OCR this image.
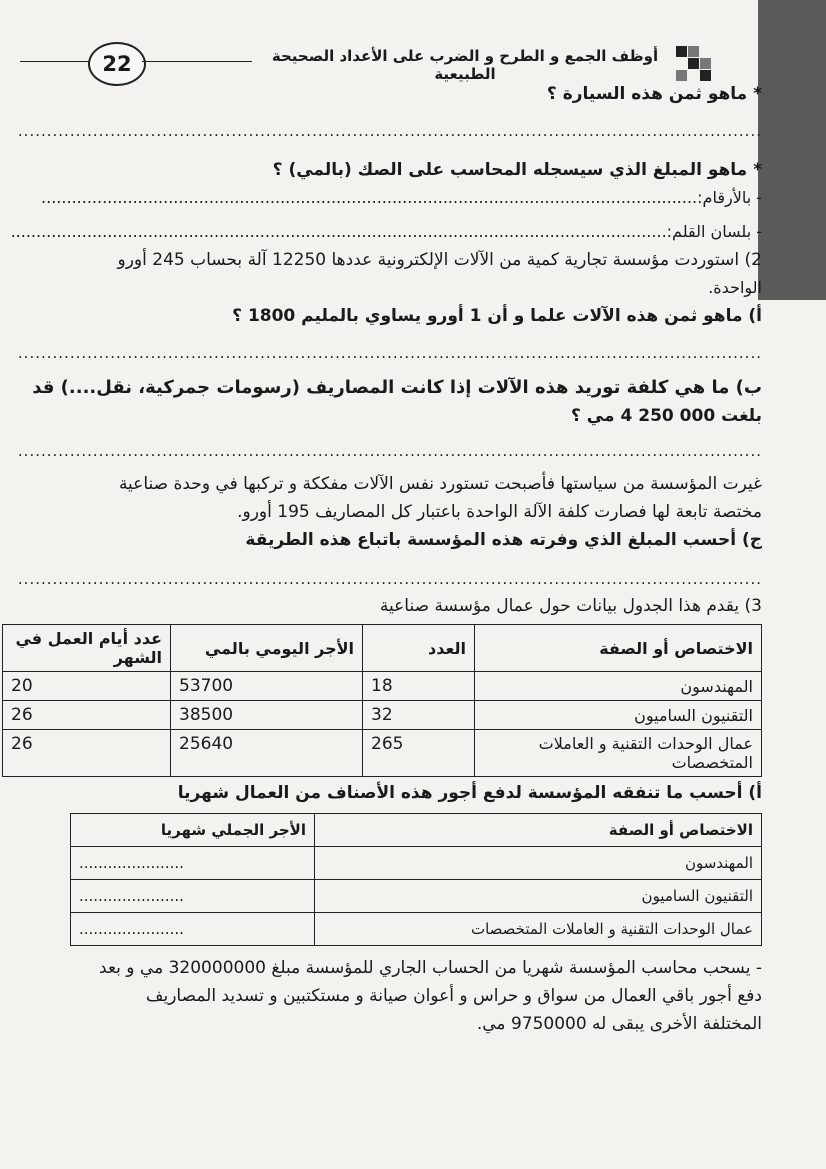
22	أوظف الجمع و الطرح و الضرب على الأعداد الصحيحة الطبيعية

* ماهو ثمن هذه السيارة ؟

.................................................................................................................................

* ماهو المبلغ الذي سيسجله المحاسب على الصك (بالمي) ؟

- بالأرقام:.................................................................................................................................

- بلسان القلم:.................................................................................................................................

2) استوردت مؤسسة تجارية كمية من الآلات الإلكترونية عددها 12250 آلة بحساب 245 أورو

الواحدة.

أ) ماهو ثمن هذه الآلات علما و أن 1 أورو يساوي بالمليم 1800 ؟

.................................................................................................................................

ب) ما هي كلفة توريد هذه الآلات إذا كانت المصاريف (رسومات جمركية، نقل....) قد

بلغت 000 250 4 مي ؟

.................................................................................................................................

غيرت المؤسسة من سياستها فأصبحت تستورد نفس الآلات مفككة و تركبها في وحدة صناعية

مختصة تابعة لها فصارت كلفة الآلة الواحدة باعتبار كل المصاريف 195 أورو.

ج) أحسب المبلغ الذي وفرته هذه المؤسسة باتباع هذه الطريقة

.................................................................................................................................

3) يقدم هذا الجدول بيانات حول عمال مؤسسة صناعية

الاختصاص أو الصفة	العدد	الأجر اليومي بالمي	عدد أيام العمل في الشهر
المهندسون	18	53700	20
التقنيون الساميون	32	38500	26
عمال الوحدات التقنية و العاملات المتخصصات	265	25640	26

أ) أحسب ما تنفقه المؤسسة لدفع أجور هذه الأصناف من العمال شهريا

الاختصاص أو الصفة	الأجر الجملي شهريا
المهندسون	......................
التقنيون الساميون	......................
عمال الوحدات التقنية و العاملات المتخصصات	......................

- يسحب محاسب المؤسسة شهريا من الحساب الجاري للمؤسسة مبلغ 320000000 مي و بعد

دفع أجور باقي العمال من سواق و حراس و أعوان صيانة و مستكتبين و تسديد المصاريف

المختلفة الأخرى يبقى له 9750000 مي.
